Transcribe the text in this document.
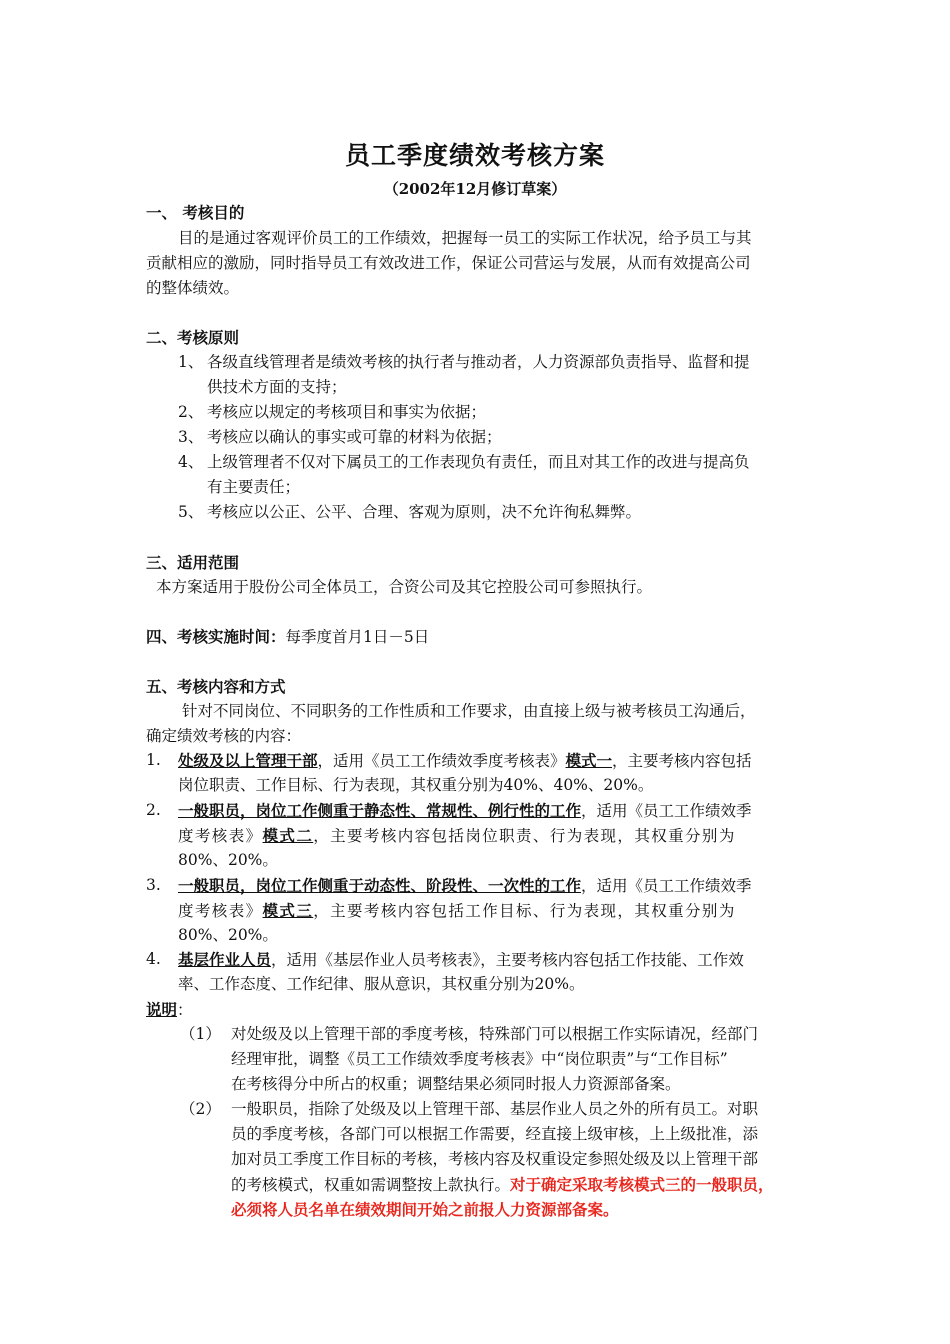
员工季度绩效考核方案
（2002年12月修订草案）
一、 考核目的
目的是通过客观评价员工的工作绩效，把握每一员工的实际工作状况，给予员工与其
贡献相应的激励，同时指导员工有效改进工作，保证公司营运与发展，从而有效提高公司
的整体绩效。
二、考核原则
1、 各级直线管理者是绩效考核的执行者与推动者，人力资源部负责指导、监督和提
供技术方面的支持；
2、 考核应以规定的考核项目和事实为依据；
3、 考核应以确认的事实或可靠的材料为依据；
4、 上级管理者不仅对下属员工的工作表现负有责任，而且对其工作的改进与提高负
有主要责任；
5、 考核应以公正、公平、合理、客观为原则，决不允许徇私舞弊。
三、适用范围
本方案适用于股份公司全体员工，合资公司及其它控股公司可参照执行。
四、考核实施时间：每季度首月1日－5日
五、考核内容和方式
针对不同岗位、不同职务的工作性质和工作要求，由直接上级与被考核员工沟通后，
确定绩效考核的内容：
1. 处级及以上管理干部，适用《员工工作绩效季度考核表》模式一，主要考核内容包括
岗位职责、工作目标、行为表现，其权重分别为40%、40%、20%。
2. 一般职员，岗位工作侧重于静态性、常规性、例行性的工作，适用《员工工作绩效季
度考核表》模式二，主要考核内容包括岗位职责、行为表现，其权重分别为
80%、20%。
3. 一般职员，岗位工作侧重于动态性、阶段性、一次性的工作，适用《员工工作绩效季
度考核表》模式三，主要考核内容包括工作目标、行为表现，其权重分别为
80%、20%。
4. 基层作业人员，适用《基层作业人员考核表》，主要考核内容包括工作技能、工作效
率、工作态度、工作纪律、服从意识，其权重分别为20%。
说明：
（1） 对处级及以上管理干部的季度考核，特殊部门可以根据工作实际请况，经部门
经理审批，调整《员工工作绩效季度考核表》中“岗位职责”与“工作目标”
在考核得分中所占的权重；调整结果必须同时报人力资源部备案。
（2） 一般职员，指除了处级及以上管理干部、基层作业人员之外的所有员工。对职
员的季度考核，各部门可以根据工作需要，经直接上级审核，上上级批准，添
加对员工季度工作目标的考核，考核内容及权重设定参照处级及以上管理干部
的考核模式，权重如需调整按上款执行。对于确定采取考核模式三的一般职员，
必须将人员名单在绩效期间开始之前报人力资源部备案。
